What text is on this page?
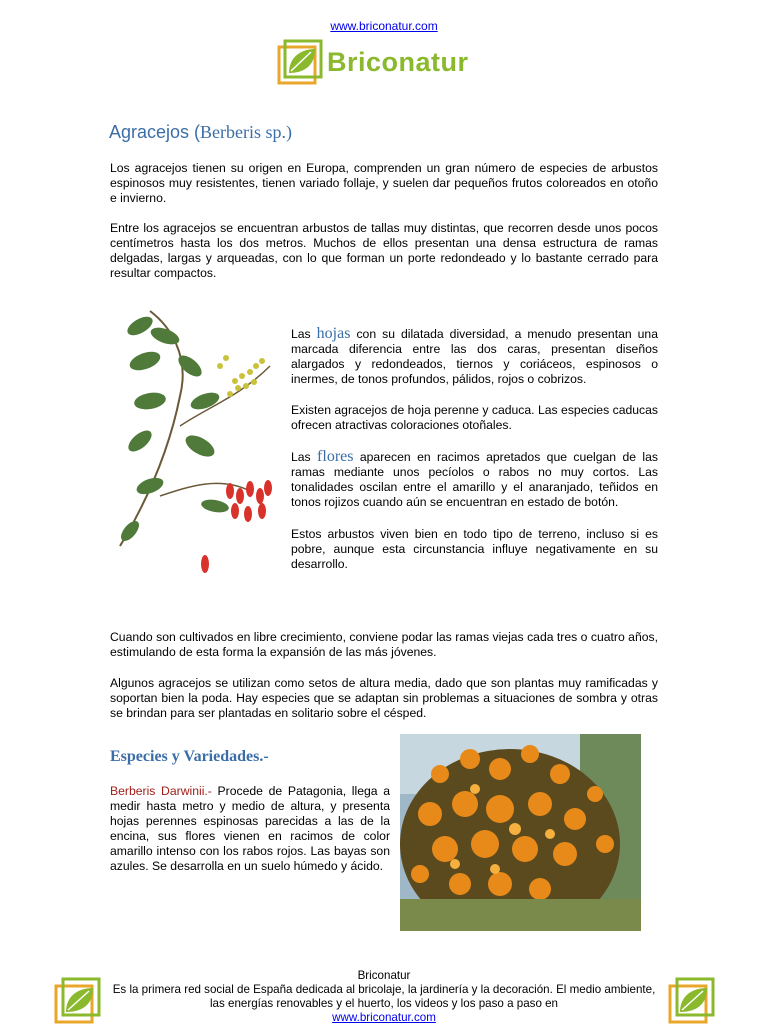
www.briconatur.com
Briconatur
Agracejos (Berberis sp.)

Los agracejos tienen su origen en Europa, comprenden un gran número de especies de arbustos espinosos muy resistentes, tienen variado follaje, y suelen dar pequeños frutos coloreados en otoño e invierno.

Entre los agracejos se encuentran arbustos de tallas muy distintas, que recorren desde unos pocos centímetros hasta los dos metros. Muchos de ellos presentan una densa estructura de ramas delgadas, largas y arqueadas, con lo que forman un porte redondeado y lo bastante cerrado para resultar compactos.

Las hojas con su dilatada diversidad, a menudo presentan una marcada diferencia entre las dos caras, presentan diseños alargados y redondeados, tiernos y coriáceos, espinosos o inermes, de tonos profundos, pálidos, rojos o cobrizos.

Existen agracejos de hoja perenne y caduca. Las especies caducas ofrecen atractivas coloraciones otoñales.

Las flores aparecen en racimos apretados que cuelgan de las ramas mediante unos pecíolos o rabos no muy cortos. Las tonalidades oscilan entre el amarillo y el anaranjado, teñidos en tonos rojizos cuando aún se encuentran en estado de botón.

Estos arbustos viven bien en todo tipo de terreno, incluso si es pobre, aunque esta circunstancia influye negativamente en su desarrollo.

Cuando son cultivados en libre crecimiento, conviene podar las ramas viejas cada tres o cuatro años, estimulando de esta forma la expansión de las más jóvenes.

Algunos agracejos se utilizan como setos de altura media, dado que son plantas muy ramificadas y soportan bien la poda. Hay especies que se adaptan sin problemas a situaciones de sombra y otras se brindan para ser plantadas en solitario sobre el césped.

Especies y Variedades.-

Berberis Darwinii.- Procede de Patagonia, llega a medir hasta metro y medio de altura, y presenta hojas perennes espinosas parecidas a las de la encina, sus flores vienen en racimos de color amarillo intenso con los rabos rojos. Las bayas son azules. Se desarrolla en un suelo húmedo y ácido.

Briconatur
Es la primera red social de España dedicada al bricolaje, la jardinería y la decoración. El medio ambiente, las energías renovables y el huerto, los videos y los paso a paso en
www.briconatur.com
